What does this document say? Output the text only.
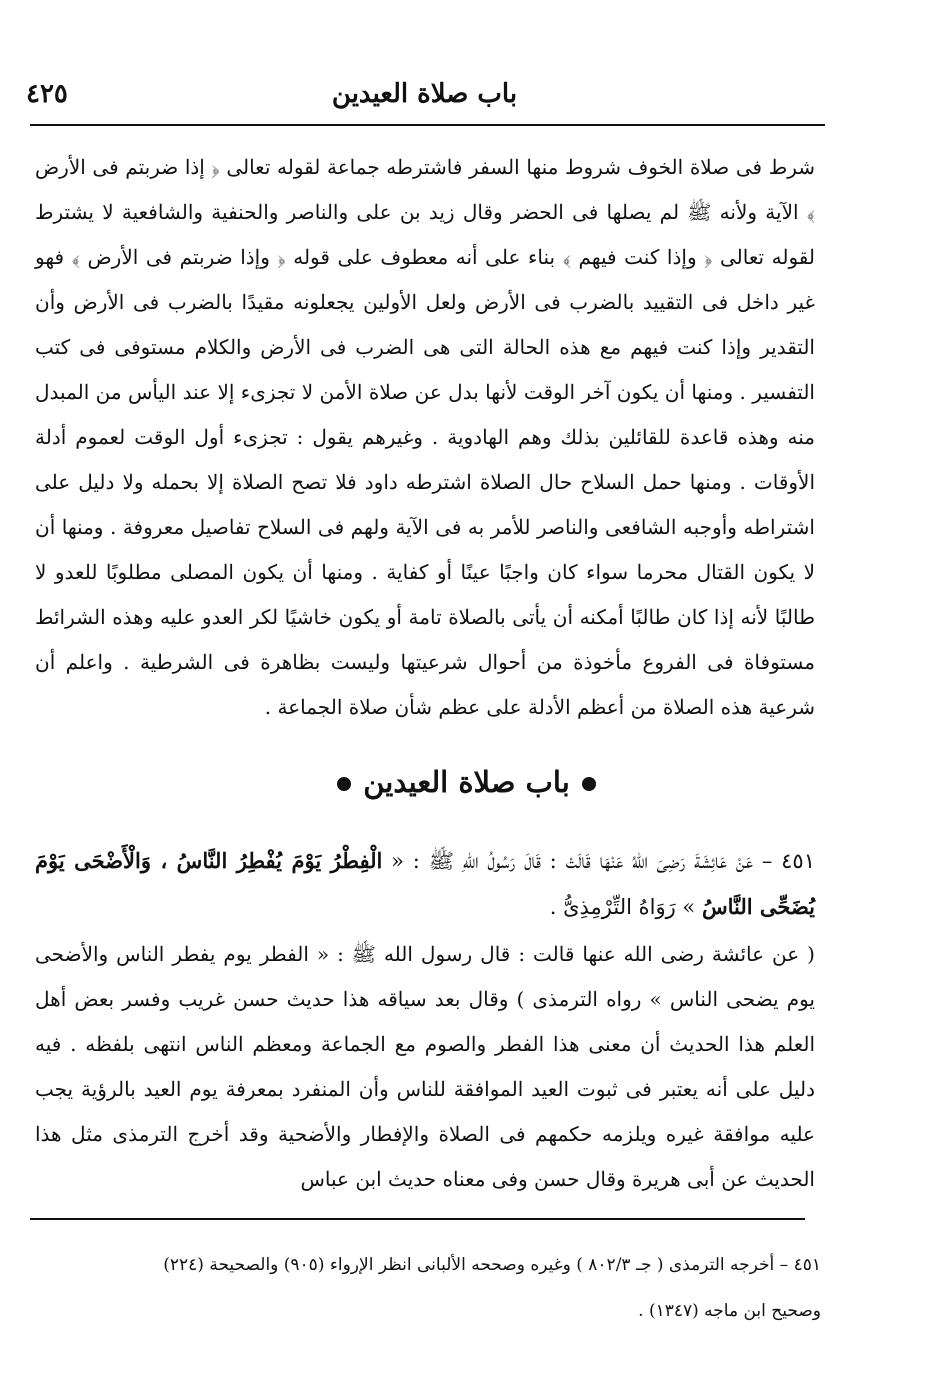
باب صلاة العيدين
٤٢٥
شرط فى صلاة الخوف شروط منها السفر فاشترطه جماعة لقوله تعالى ﴿ إذا ضربتم فى الأرض ﴾ الآية ولأنه ﷺ لم يصلها فى الحضر وقال زيد بن على والناصر والحنفية والشافعية لا يشترط لقوله تعالى ﴿ وإذا كنت فيهم ﴾ بناء على أنه معطوف على قوله ﴿ وإذا ضربتم فى الأرض ﴾ فهو غير داخل فى التقييد بالضرب فى الأرض ولعل الأولين يجعلونه مقيدًا بالضرب فى الأرض وأن التقدير وإذا كنت فيهم مع هذه الحالة التى هى الضرب فى الأرض والكلام مستوفى فى كتب التفسير . ومنها أن يكون آخر الوقت لأنها بدل عن صلاة الأمن لا تجزىء إلا عند اليأس من المبدل منه وهذه قاعدة للقائلين بذلك وهم الهادوية . وغيرهم يقول : تجزىء أول الوقت لعموم أدلة الأوقات . ومنها حمل السلاح حال الصلاة اشترطه داود فلا تصح الصلاة إلا بحمله ولا دليل على اشتراطه وأوجبه الشافعى والناصر للأمر به فى الآية ولهم فى السلاح تفاصيل معروفة . ومنها أن لا يكون القتال محرما سواء كان واجبًا عينًا أو كفاية . ومنها أن يكون المصلى مطلوبًا للعدو لا طالبًا لأنه إذا كان طالبًا أمكنه أن يأتى بالصلاة تامة أو يكون خاشيًا لكر العدو عليه وهذه الشرائط مستوفاة فى الفروع مأخوذة من أحوال شرعيتها وليست بظاهرة فى الشرطية . واعلم أن شرعية هذه الصلاة من أعظم الأدلة على عظم شأن صلاة الجماعة .
باب صلاة العيدين
٤٥١ – عَنْ عَائِشَةَ رَضِىَ اللهُ عَنْهَا قَالَتْ : قَالَ رَسُولُ اللهِ ﷺ : « الْفِطْرُ يَوْمَ يُفْطِرُ النَّاسُ ، وَالْأَضْحَى يَوْمَ يُضَحِّى النَّاسُ » رَوَاهُ التِّرْمِذِىُّ .
( عن عائشة رضى الله عنها قالت : قال رسول الله ﷺ : « الفطر يوم يفطر الناس والأضحى يوم يضحى الناس » رواه الترمذى ) وقال بعد سياقه هذا حديث حسن غريب وفسر بعض أهل العلم هذا الحديث أن معنى هذا الفطر والصوم مع الجماعة ومعظم الناس انتهى بلفظه . فيه دليل على أنه يعتبر فى ثبوت العيد الموافقة للناس وأن المنفرد بمعرفة يوم العيد بالرؤية يجب عليه موافقة غيره ويلزمه حكمهم فى الصلاة والإفطار والأضحية وقد أخرج الترمذى مثل هذا الحديث عن أبى هريرة وقال حسن وفى معناه حديث ابن عباس
٤٥١ – أخرجه الترمذى ( جـ ٨٠٢/٣ ) وغيره وصححه الألبانى انظر الإرواء (٩٠٥) والصحيحة (٢٢٤)
وصحيح ابن ماجه (١٣٤٧) .
